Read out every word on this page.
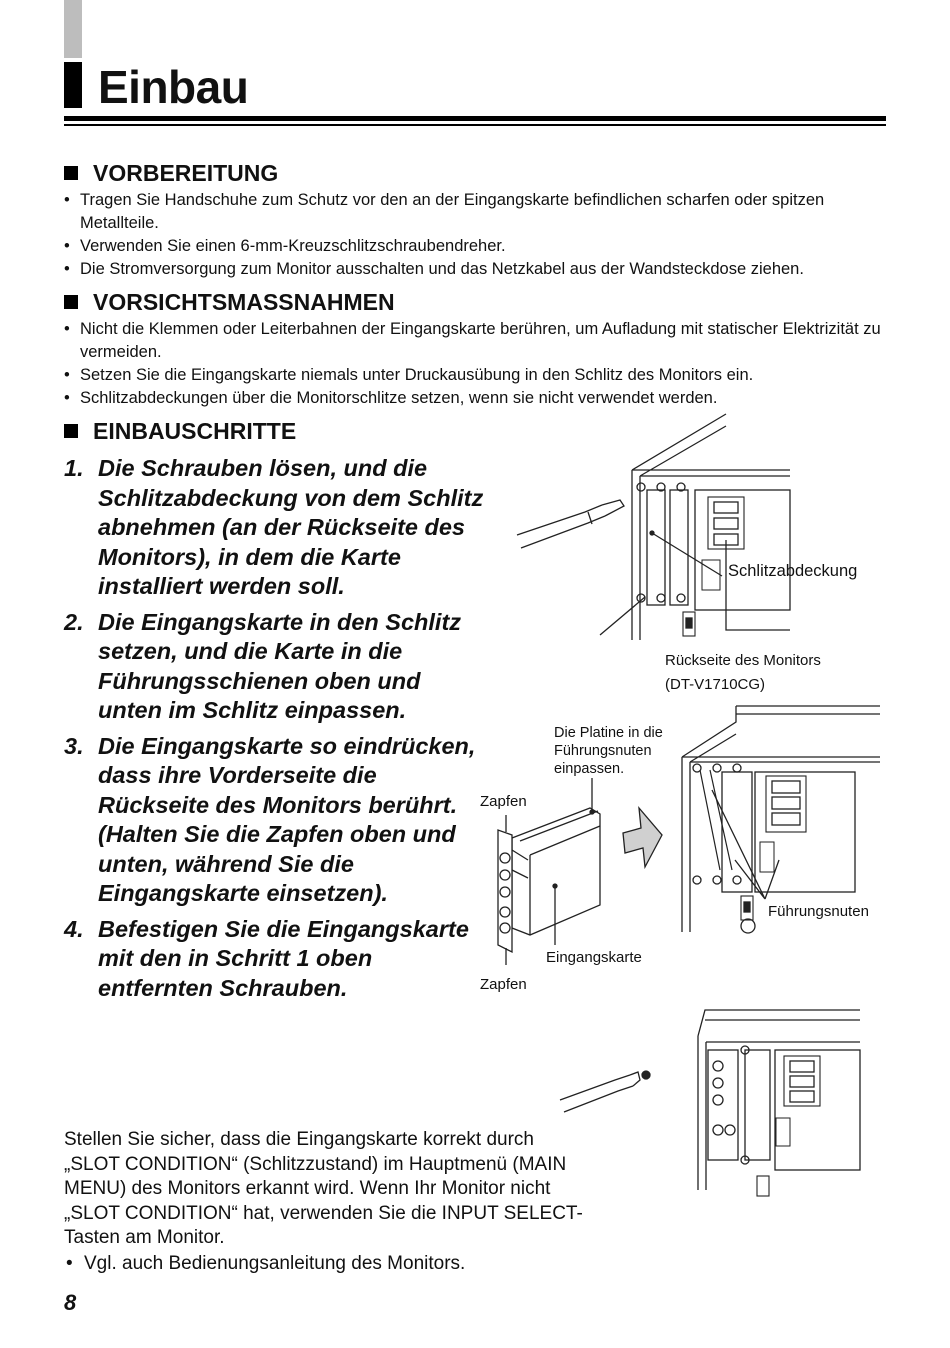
Einbau
VORBEREITUNG
• Tragen Sie Handschuhe zum Schutz vor den an der Eingangskarte befindlichen scharfen oder spitzen Metallteile.
• Verwenden Sie einen 6-mm-Kreuzschlitzschraubendreher.
• Die Stromversorgung zum Monitor ausschalten und das Netzkabel aus der Wandsteckdose ziehen.
VORSICHTSMASSNAHMEN
• Nicht die Klemmen oder Leiterbahnen der Eingangskarte berühren, um Aufladung mit statischer Elektrizität zu vermeiden.
• Setzen Sie die Eingangskarte niemals unter Druckausübung in den Schlitz des Monitors ein.
• Schlitzabdeckungen über die Monitorschlitze setzen, wenn sie nicht verwendet werden.
EINBAUSCHRITTE
1. Die Schrauben lösen, und die Schlitzabdeckung von dem Schlitz abnehmen (an der Rückseite des Monitors), in dem die Karte installiert werden soll.
2. Die Eingangskarte in den Schlitz setzen, und die Karte in die Führungsschienen oben und unten im Schlitz einpassen.
3. Die Eingangskarte so eindrücken, dass ihre Vorderseite die Rückseite des Monitors berührt. (Halten Sie die Zapfen oben und unten, während Sie die Eingangskarte einsetzen).
4. Befestigen Sie die Eingangskarte mit den in Schritt 1 oben entfernten Schrauben.

Stellen Sie sicher, dass die Eingangskarte korrekt durch „SLOT CONDITION“ (Schlitzzustand) im Hauptmenü (MAIN MENU) des Monitors erkannt wird. Wenn Ihr Monitor nicht „SLOT CONDITION“ hat, verwenden Sie die INPUT SELECT-Tasten am Monitor.

• Vgl. auch Bedienungsanleitung des Monitors.

8
Schlitzabdeckung
Rückseite des Monitors
(DT-V1710CG)
Die Platine in die
Führungsnuten
einpassen.
Zapfen
Zapfen
Eingangskarte
Führungsnuten
